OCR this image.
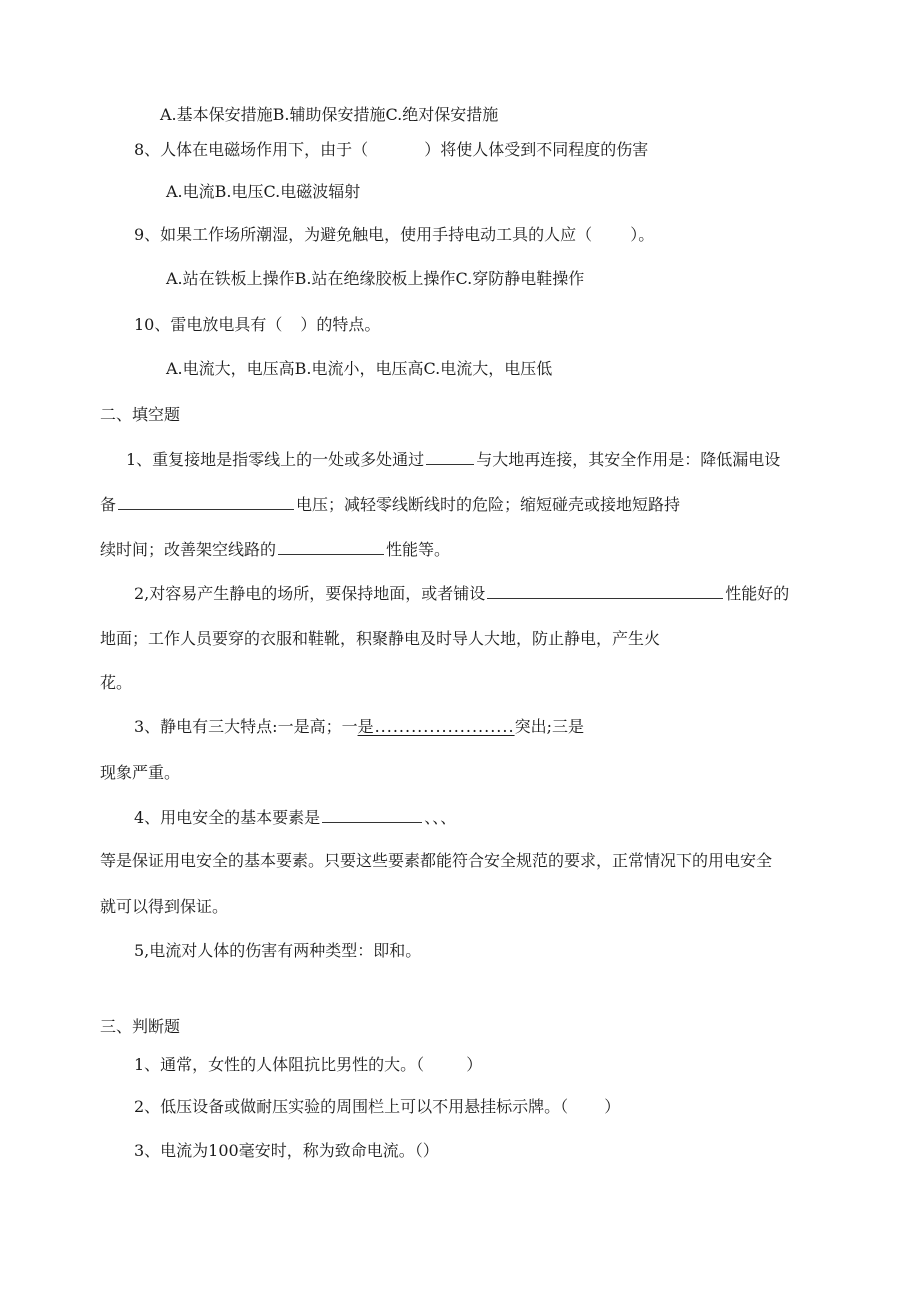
A.基本保安措施B.辅助保安措施C.绝对保安措施
8、人体在电磁场作用下，由于（	）将使人体受到不同程度的伤害
A.电流B.电压C.电磁波辐射
9、如果工作场所潮湿，为避免触电，使用手持电动工具的人应（ ）。
A.站在铁板上操作B.站在绝缘胶板上操作C.穿防静电鞋操作
10、雷电放电具有（ ）的特点。
A.电流大，电压高B.电流小，电压高C.电流大，电压低
二、填空题
1、重复接地是指零线上的一处或多处通过	与大地再连接，其安全作用是：降低漏电设
备	电压；减轻零线断线时的危险；缩短碰壳或接地短路持
续时间；改善架空线路的	性能等。
2,对容易产生静电的场所，要保持地面，或者铺设	性能好的
地面；工作人员要穿的衣服和鞋靴，积聚静电及时导人大地，防止静电，产生火
花。
3、静电有三大特点:一是高；一是.......................突出;三是
现象严重。
4、用电安全的基本要素是	、、、
等是保证用电安全的基本要素。只要这些要素都能符合安全规范的要求，正常情况下的用电安全
就可以得到保证。
5,电流对人体的伤害有两种类型：即和。
三、判断题
1、通常，女性的人体阻抗比男性的大。（	）
2、低压设备或做耐压实验的周围栏上可以不用悬挂标示牌。（ ）
3、电流为100毫安时，称为致命电流。（）
